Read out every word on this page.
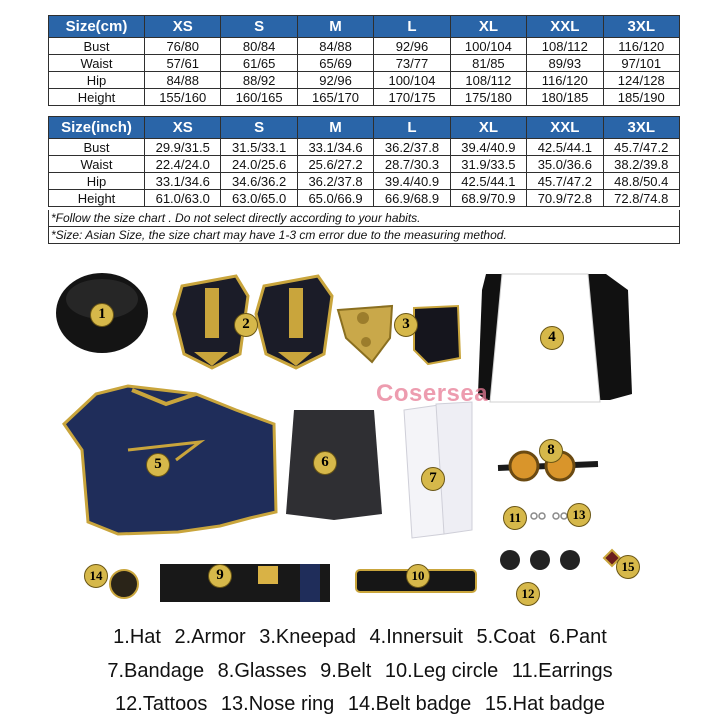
Size(cm)	XS	S	M	L	XL	XXL	3XL
Bust	76/80	80/84	84/88	92/96	100/104	108/112	116/120
Waist	57/61	61/65	65/69	73/77	81/85	89/93	97/101
Hip	84/88	88/92	92/96	100/104	108/112	116/120	124/128
Height	155/160	160/165	165/170	170/175	175/180	180/185	185/190
Size(inch)	XS	S	M	L	XL	XXL	3XL
Bust	29.9/31.5	31.5/33.1	33.1/34.6	36.2/37.8	39.4/40.9	42.5/44.1	45.7/47.2
Waist	22.4/24.0	24.0/25.6	25.6/27.2	28.7/30.3	31.9/33.5	35.0/36.6	38.2/39.8
Hip	33.1/34.6	34.6/36.2	36.2/37.8	39.4/40.9	42.5/44.1	45.7/47.2	48.8/50.4
Height	61.0/63.0	63.0/65.0	65.0/66.9	66.9/68.9	68.9/70.9	70.9/72.8	72.8/74.8
*Follow the size chart . Do not select directly according to your habits.
*Size: Asian Size, the size chart may have 1-3 cm error due to the measuring method.
Cosersea
1
2	3
4
5	6
7
8
9	10
11
12
13
14
15
1.Hat 2.Armor 3.Kneepad 4.Innersuit 5.Coat 6.Pant
7.Bandage 8.Glasses 9.Belt 10.Leg circle 11.Earrings
12.Tattoos 13.Nose ring 14.Belt badge 15.Hat badge
